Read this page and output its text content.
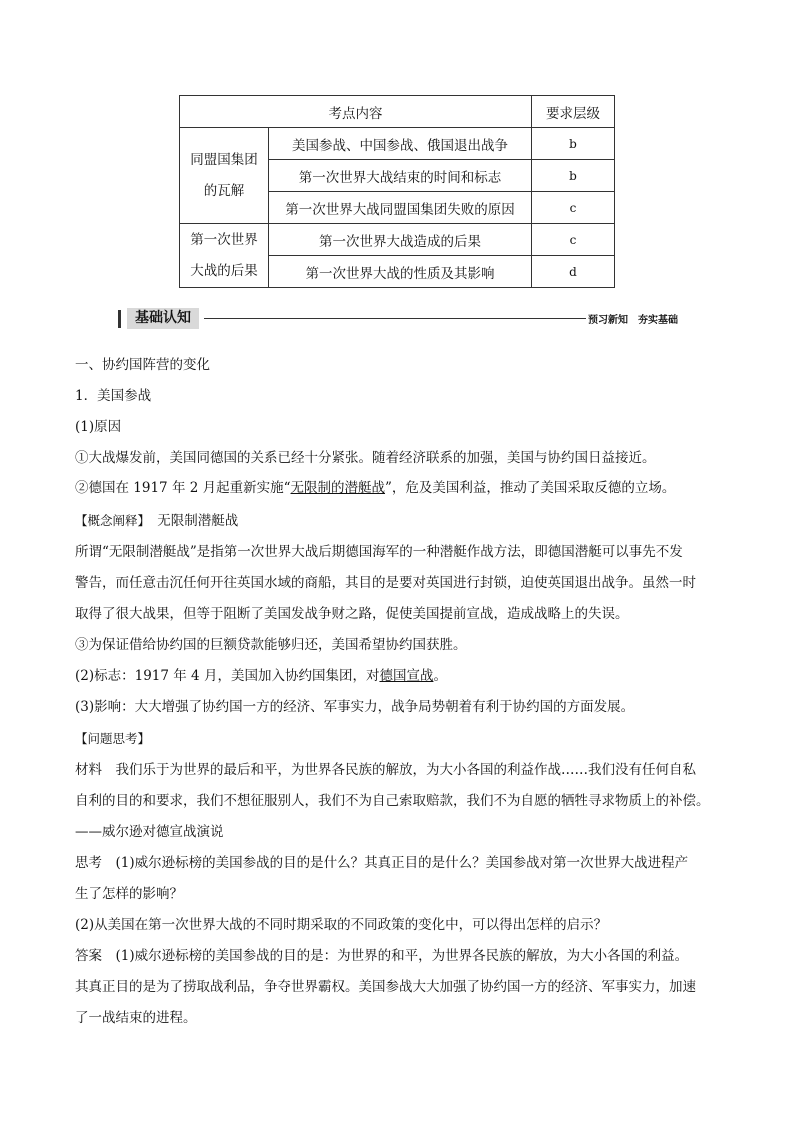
考点内容		要求层级

同盟国集团
的瓦解	美国参战、中国参战、俄国退出战争	b
	第一次世界大战结束的时间和标志	b
	第一次世界大战同盟国集团失败的原因	c

第一次世界
大战的后果	第一次世界大战造成的后果	c
	第一次世界大战的性质及其影响	d
基础认知	预习新知　夯实基础
一、协约国阵营的变化
1．美国参战
(1)原因
①大战爆发前，美国同德国的关系已经十分紧张。随着经济联系的加强，美国与协约国日益接近。
②德国在 1917 年 2 月起重新实施“无限制的潜艇战”，危及美国利益，推动了美国采取反德的立场。
【概念阐释】　 无限制潜艇战
所谓“无限制潜艇战”是指第一次世界大战后期德国海军的一种潜艇作战方法，即德国潜艇可以事先不发
警告，而任意击沉任何开往英国水域的商船，其目的是要对英国进行封锁，迫使英国退出战争。虽然一时
取得了很大战果，但等于阻断了美国发战争财之路，促使美国提前宣战，造成战略上的失误。
③为保证借给协约国的巨额贷款能够归还，美国希望协约国获胜。
(2)标志：1917 年 4 月，美国加入协约国集团，对德国宣战。
(3)影响：大大增强了协约国一方的经济、军事实力，战争局势朝着有利于协约国的方面发展。
【问题思考】
材料　我们乐于为世界的最后和平，为世界各民族的解放，为大小各国的利益作战……我们没有任何自私
自利的目的和要求，我们不想征服别人，我们不为自己索取赔款，我们不为自愿的牺牲寻求物质上的补偿。
——威尔逊对德宣战演说
思考　(1)威尔逊标榜的美国参战的目的是什么？其真正目的是什么？美国参战对第一次世界大战进程产
生了怎样的影响？
(2)从美国在第一次世界大战的不同时期采取的不同政策的变化中，可以得出怎样的启示？
答案　(1)威尔逊标榜的美国参战的目的是：为世界的和平，为世界各民族的解放，为大小各国的利益。
其真正目的是为了捞取战利品，争夺世界霸权。美国参战大大加强了协约国一方的经济、军事实力，加速
了一战结束的进程。
